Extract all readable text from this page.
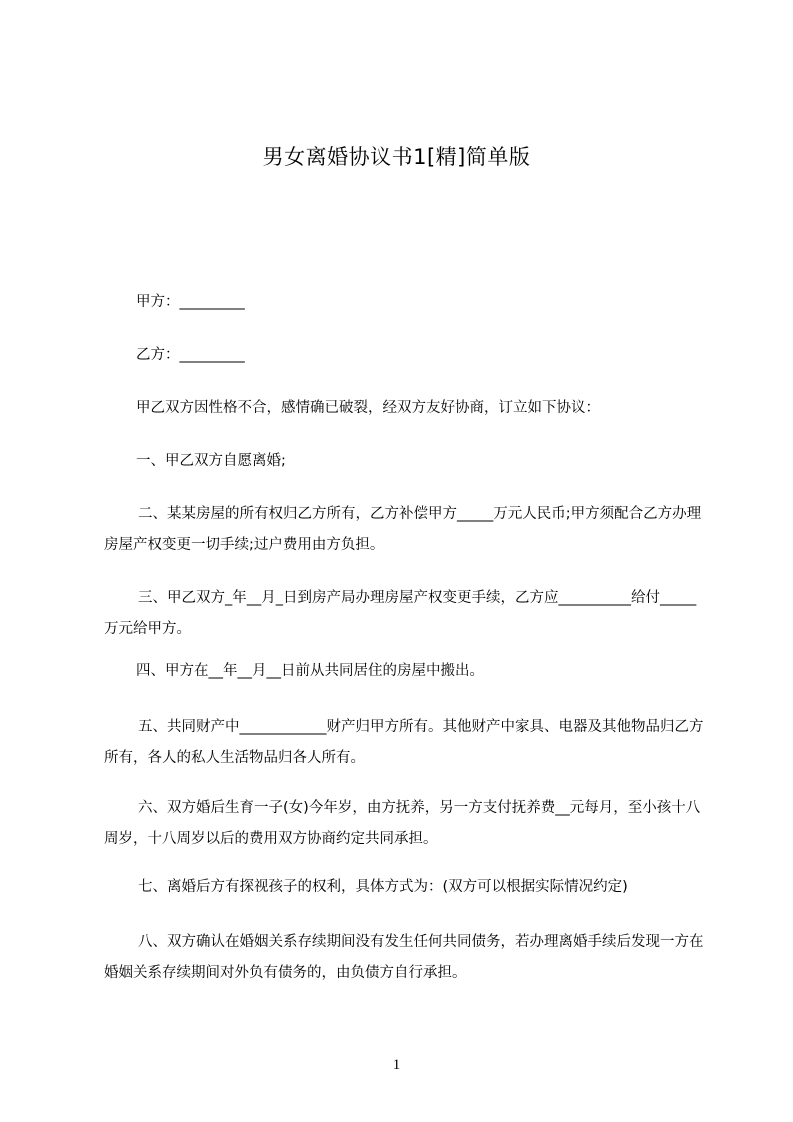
男女离婚协议书1[精]简单版
甲方：_________
乙方：_________
甲乙双方因性格不合，感情确已破裂，经双方友好协商，订立如下协议：
一、甲乙双方自愿离婚;
二、某某房屋的所有权归乙方所有，乙方补偿甲方_____万元人民币;甲方须配合乙方办理房屋产权变更一切手续;过户费用由方负担。
三、甲乙双方_年__月_日到房产局办理房屋产权变更手续，乙方应__________给付_____万元给甲方。
四、甲方在__年__月__日前从共同居住的房屋中搬出。
五、共同财产中____________财产归甲方所有。其他财产中家具、电器及其他物品归乙方所有，各人的私人生活物品归各人所有。
六、双方婚后生育一子(女)今年岁，由方抚养，另一方支付抚养费__元每月，至小孩十八周岁，十八周岁以后的费用双方协商约定共同承担。
七、离婚后方有探视孩子的权利，具体方式为：(双方可以根据实际情况约定)
八、双方确认在婚姻关系存续期间没有发生任何共同债务，若办理离婚手续后发现一方在婚姻关系存续期间对外负有债务的，由负债方自行承担。
1
